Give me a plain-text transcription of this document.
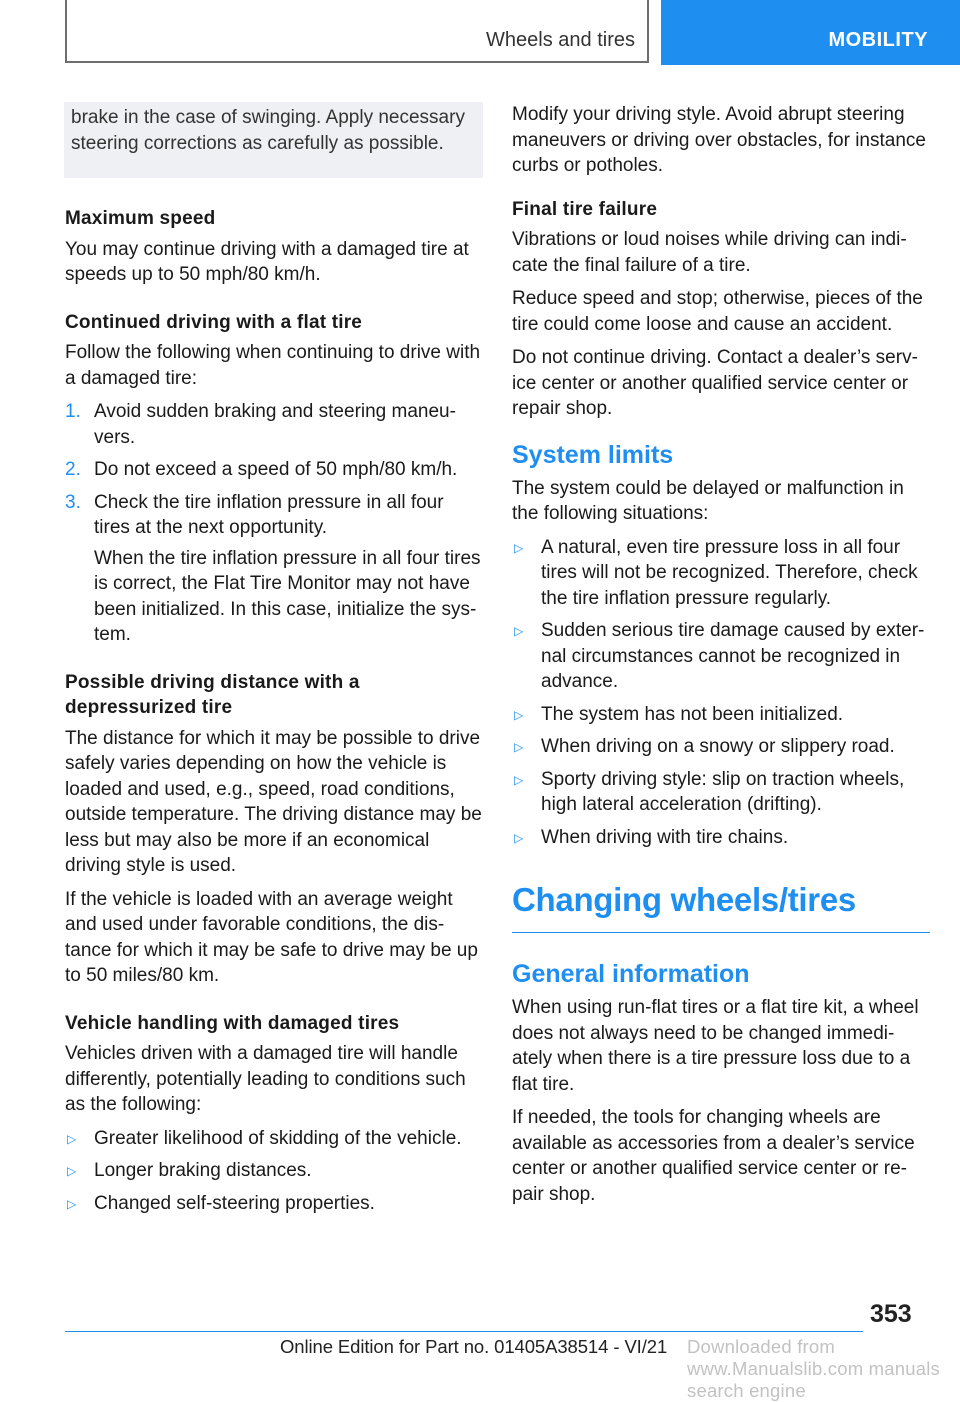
Wheels and tires	MOBILITY

brake in the case of swinging. Apply necessary steering corrections as carefully as possible.

Maximum speed

You may continue driving with a damaged tire at speeds up to 50 mph/80 km/h.

Continued driving with a flat tire

Follow the following when continuing to drive with a damaged tire:

1. Avoid sudden braking and steering maneu‐vers.
2. Do not exceed a speed of 50 mph/80 km/h.
3. Check the tire inflation pressure in all four tires at the next opportunity.
When the tire inflation pressure in all four tires is correct, the Flat Tire Monitor may not have been initialized. In this case, initialize the sys‐tem.
Possible driving distance with a depressurized tire

The distance for which it may be possible to drive safely varies depending on how the vehicle is loaded and used, e.g., speed, road conditions, outside temperature. The driving distance may be less but may also be more if an economical driving style is used.

If the vehicle is loaded with an average weight and used under favorable conditions, the dis‐tance for which it may be safe to drive may be up to 50 miles/80 km.

Vehicle handling with damaged tires

Vehicles driven with a damaged tire will handle differently, potentially leading to conditions such as the following:

▷ Greater likelihood of skidding of the vehicle.
▷ Longer braking distances.
▷ Changed self-steering properties.

Modify your driving style. Avoid abrupt steering maneuvers or driving over obstacles, for instance curbs or potholes.

Final tire failure

Vibrations or loud noises while driving can indi‐cate the final failure of a tire.

Reduce speed and stop; otherwise, pieces of the tire could come loose and cause an accident.

Do not continue driving. Contact a dealer’s serv‐ice center or another qualified service center or repair shop.

System limits

The system could be delayed or malfunction in the following situations:

▷ A natural, even tire pressure loss in all four tires will not be recognized. Therefore, check the tire inflation pressure regularly.
▷ Sudden serious tire damage caused by exter‐nal circumstances cannot be recognized in advance.
▷ The system has not been initialized.
▷ When driving on a snowy or slippery road.
▷ Sporty driving style: slip on traction wheels, high lateral acceleration (drifting).
▷ When driving with tire chains.
Changing wheels/tires
General information

When using run-flat tires or a flat tire kit, a wheel does not always need to be changed immedi‐ately when there is a tire pressure loss due to a flat tire.

If needed, the tools for changing wheels are available as accessories from a dealer’s service center or another qualified service center or re‐pair shop.

353
Online Edition for Part no. 01405A38514 - VI/21 Downloaded from www.Manualslib.com manuals search engine
